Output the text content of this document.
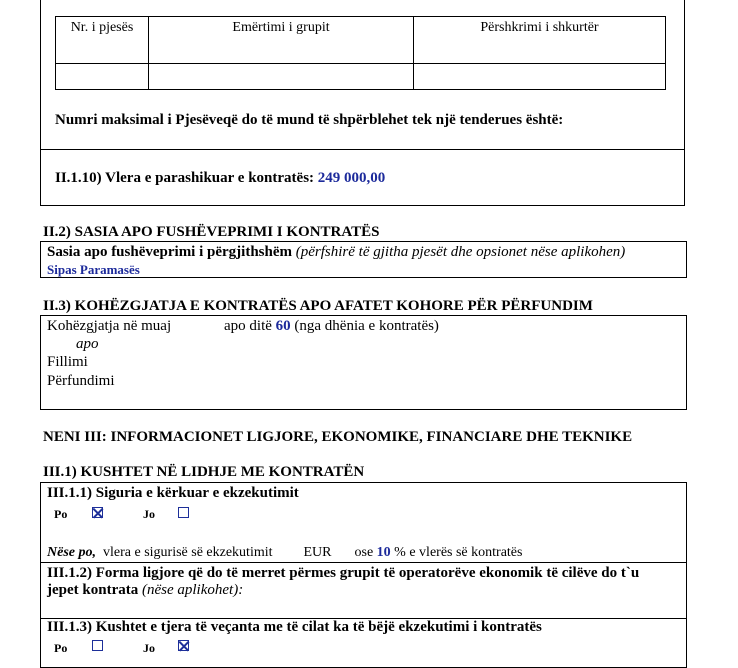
Nr. i pjesës	Emërtimi i grupit	Përshkrimi i shkurtër

Numri maksimal i Pjesëveqë do të mund të shpërblehet tek një tenderues është:
II.1.10) Vlera e parashikuar e kontratës: 249 000,00
II.2) SASIA APO FUSHËVEPRIMI I KONTRATËS
Sasia apo fushëveprimi i përgjithshëm (përfshirë të gjitha pjesët dhe opsionet nëse aplikohen)
Sipas Paramasës
II.3) KOHËZGJATJA E KONTRATËS APO AFATET KOHORE PËR PËRFUNDIM
Kohëzgjatja në muaj	apo ditë 60 (nga dhënia e kontratës)
apo
Fillimi
Përfundimi
NENI III: INFORMACIONET LIGJORE, EKONOMIKE, FINANCIARE DHE TEKNIKE
III.1) KUSHTET NË LIDHJE ME KONTRATËN
III.1.1) Siguria e kërkuar e ekzekutimit
Po	Jo
Nëse po, vlera e sigurisë së ekzekutimit EUR ose 10 % e vlerës së kontratës
III.1.2) Forma ligjore që do të merret përmes grupit të operatorëve ekonomik të cilëve do t`u
jepet kontrata (nëse aplikohet):
III.1.3) Kushtet e tjera të veçanta me të cilat ka të bëjë ekzekutimi i kontratës
Po	Jo
